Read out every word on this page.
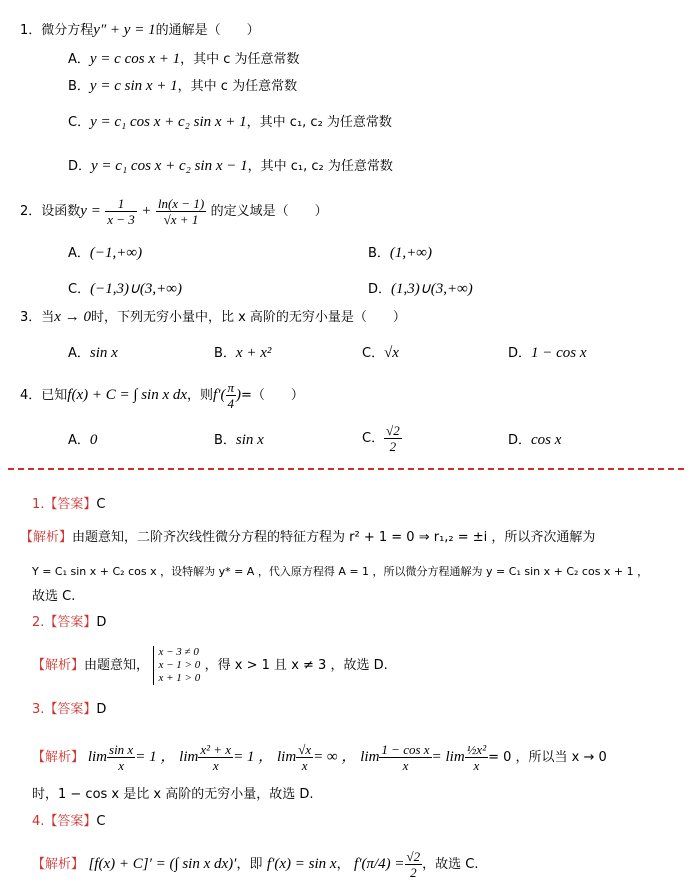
1．微分方程y″ + y = 1的通解是（　　）
A．y = c cos x + 1，其中 c 为任意常数
B．y = c sin x + 1，其中 c 为任意常数
C．y = c₁ cos x + c₂ sin x + 1，其中 c₁, c₂ 为任意常数
D．y = c₁ cos x + c₂ sin x − 1，其中 c₁, c₂ 为任意常数
2．设函数$y = \frac{1}{x - 3} + \frac{\ln(x - 1)}{√x + 1}$ 的定义域是（　　）
A．(−1,+∞)	B．(1,+∞)
C．(−1,3)∪(3,+∞)	D．(1,3)∪(3,+∞)
3．当x → 0时，下列无穷小量中，比 x 高阶的无穷小量是（　　）
A．sin x	B．x + x²	C．√x	D．1 − cos x
4．已知f(x) + C = ∫ sin x dx，则$f'( \frac{\pi}{4}$ )=（　　）
A．0	B．sin x	C． $\frac{√2}{2}$	D．cos x
1.【答案】C
【解析】由题意知，二阶齐次线性微分方程的特征方程为 r² + 1 = 0 ⇒ r₁,₂ = ±i ，所以齐次通解为
Y = C₁ sin x + C₂ cos x ，设特解为 y* = A ，代入原方程得 A = 1 ，所以微分方程通解为 y = C₁ sin x + C₂ cos x + 1 ，
故选 C.
2.【答案】D
【解析】由题意知，
x − 3 ≠ 0
x − 1 > 0
x + 1 > 0
，得 x > 1 且 x ≠ 3 ，故选 D.
3.【答案】D
【解析】 $\lim \frac{\text{sin x}}{x} = 1$ ， $\lim \frac{\text{x² + x}}{x} = 1$ ， $\lim \frac{√x}{x}$ = ∞ ， $\lim \frac{\text{1 − cos x}}{x} = \lim \frac{\text{½x²}}{x} = 0$ ，所以当 x → 0
时，1 − cos x 是比 x 高阶的无穷小量，故选 D.
4.【答案】C
【解析】 [f(x) + C]′ = (∫ sin x dx)′，即 f′(x) = sin x， $f'(\pi/4) = \frac{√2}{2}$ ，故选 C.
